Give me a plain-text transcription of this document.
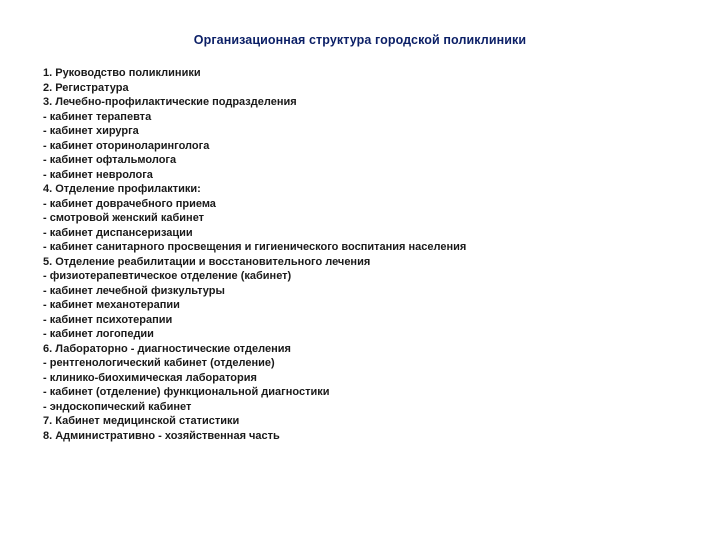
Организационная структура городской поликлиники
1. Руководство поликлиники
2. Регистратура
3. Лечебно-профилактические подразделения
- кабинет терапевта
- кабинет хирурга
- кабинет оториноларинголога
- кабинет офтальмолога
- кабинет невролога
4. Отделение профилактики:
- кабинет доврачебного приема
- смотровой женский кабинет
- кабинет диспансеризации
- кабинет санитарного просвещения и гигиенического воспитания населения
5. Отделение реабилитации и восстановительного лечения
- физиотерапевтическое отделение (кабинет)
- кабинет лечебной физкультуры
- кабинет механотерапии
- кабинет психотерапии
- кабинет логопедии
6. Лабораторно - диагностические отделения
- рентгенологический кабинет (отделение)
- клинико-биохимическая лаборатория
- кабинет (отделение) функциональной диагностики
- эндоскопический кабинет
7. Кабинет медицинской статистики
8. Административно - хозяйственная часть
